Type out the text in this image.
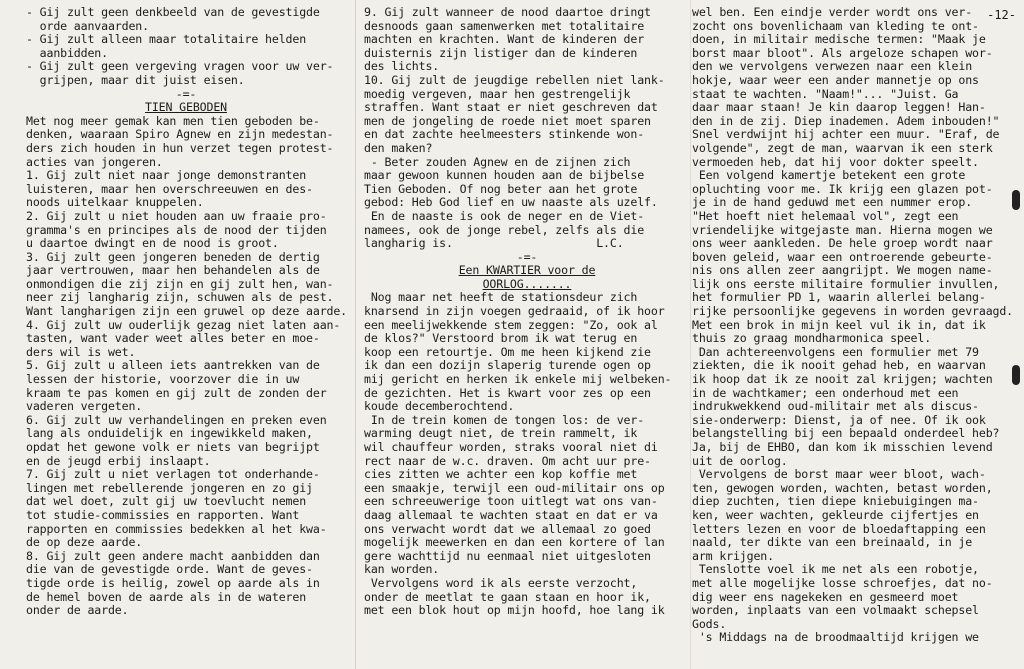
-12-

- Gij zult geen denkbeeld van de gevestigde

orde aanvaarden.

- Gij zult alleen maar totalitaire helden

aanbidden.

- Gij zult geen vergeving vragen voor uw ver-

grijpen, maar dit juist eisen.

-=-

TIEN GEBODEN

Met nog meer gemak kan men tien geboden be-

denken, waaraan Spiro Agnew en zijn medestan-

ders zich houden in hun verzet tegen protest-

acties van jongeren.

1. Gij zult niet naar jonge demonstranten

luisteren, maar hen overschreeuwen en des-

noods uitelkaar knuppelen.

2. Gij zult u niet houden aan uw fraaie pro-

gramma's en principes als de nood der tijden

u daartoe dwingt en de nood is groot.

3. Gij zult geen jongeren beneden de dertig

jaar vertrouwen, maar hen behandelen als de

onmondigen die zij zijn en gij zult hen, wan-

neer zij langharig zijn, schuwen als de pest.

Want langharigen zijn een gruwel op deze aarde.

4. Gij zult uw ouderlijk gezag niet laten aan-

tasten, want vader weet alles beter en moe-

ders wil is wet.

5. Gij zult u alleen iets aantrekken van de

lessen der historie, voorzover die in uw

kraam te pas komen en gij zult de zonden der

vaderen vergeten.

6. Gij zult uw verhandelingen en preken even

lang als onduidelijk en ingewikkeld maken,

opdat het gewone volk er niets van begrijpt

en de jeugd erbij inslaapt.

7. Gij zult u niet verlagen tot onderhande-

lingen met rebellerende jongeren en zo gij

dat wel doet, zult gij uw toevlucht nemen

tot studie-commissies en rapporten. Want

rapporten en commissies bedekken al het kwa-

de op deze aarde.

8. Gij zult geen andere macht aanbidden dan

die van de gevestigde orde. Want de geves-

tigde orde is heilig, zowel op aarde als in

de hemel boven de aarde als in de wateren

onder de aarde.

9. Gij zult wanneer de nood daartoe dringt

desnoods gaan samenwerken met totalitaire

machten en krachten. Want de kinderen der

duisternis zijn listiger dan de kinderen

des lichts.

10. Gij zult de jeugdige rebellen niet lank-

moedig vergeven, maar hen gestrengelijk

straffen. Want staat er niet geschreven dat

men de jongeling de roede niet moet sparen

en dat zachte heelmeesters stinkende won-

den maken?

- Beter zouden Agnew en de zijnen zich

maar gewoon kunnen houden aan de bijbelse

Tien Geboden. Of nog beter aan het grote

gebod: Heb God lief en uw naaste als uzelf.

En de naaste is ook de neger en de Viet-

namees, ook de jonge rebel, zelfs als die

langharig is.                     L.C.

-=-

Een KWARTIER voor de

OORLOG.......

Nog maar net heeft de stationsdeur zich

knarsend in zijn voegen gedraaid, of ik hoor

een meelijwekkende stem zeggen: "Zo, ook al

de klos?" Verstoord brom ik wat terug en

koop een retourtje. Om me heen kijkend zie

ik dan een dozijn slaperig turende ogen op

mij gericht en herken ik enkele mij welbeken-

de gezichten. Het is kwart voor zes op een

koude decemberochtend.

In de trein komen de tongen los: de ver-

warming deugt niet, de trein rammelt, ik

wil chauffeur worden, straks vooral niet di

rect naar de w.c. draven. Om acht uur pre-

cies zitten we achter een kop koffie met

een smaakje, terwijl een oud-militair ons op

een schreeuwerige toon uitlegt wat ons van-

daag allemaal te wachten staat en dat er va

ons verwacht wordt dat we allemaal zo goed

mogelijk meewerken en dan een kortere of lan

gere wachttijd nu eenmaal niet uitgesloten

kan worden.

Vervolgens word ik als eerste verzocht,

onder de meetlat te gaan staan en hoor ik,

met een blok hout op mijn hoofd, hoe lang ik

wel ben. Een eindje verder wordt ons ver-

zocht ons bovenlichaam van kleding te ont-

doen, in militair medische termen: "Maak je

borst maar bloot". Als argeloze schapen wor-

den we vervolgens verwezen naar een klein

hokje, waar weer een ander mannetje op ons

staat te wachten. "Naam!"... "Juist. Ga

daar maar staan! Je kin daarop leggen! Han-

den in de zij. Diep inademen. Adem inbouden!"

Snel verdwijnt hij achter een muur. "Eraf, de

volgende", zegt de man, waarvan ik een sterk

vermoeden heb, dat hij voor dokter speelt.

Een volgend kamertje betekent een grote

opluchting voor me. Ik krijg een glazen pot-

je in de hand geduwd met een nummer erop.

"Het hoeft niet helemaal vol", zegt een

vriendelijke witgejaste man. Hierna mogen we

ons weer aankleden. De hele groep wordt naar

boven geleid, waar een ontroerende gebeurte-

nis ons allen zeer aangrijpt. We mogen name-

lijk ons eerste militaire formulier invullen,

het formulier PD 1, waarin allerlei belang-

rijke persoonlijke gegevens in worden gevraagd.

Met een brok in mijn keel vul ik in, dat ik

thuis zo graag mondharmonica speel.

Dan achtereenvolgens een formulier met 79

ziekten, die ik nooit gehad heb, en waarvan

ik hoop dat ik ze nooit zal krijgen; wachten

in de wachtkamer; een onderhoud met een

indrukwekkend oud-militair met als discus-

sie-onderwerp: Dienst, ja of nee. Of ik ook

belangstelling bij een bepaald onderdeel heb?

Ja, bij de EHBO, dan kom ik misschien levend

uit de oorlog.

Vervolgens de borst maar weer bloot, wach-

ten, gewogen worden, wachten, betast worden,

diep zuchten, tien diepe kniebuigingen ma-

ken, weer wachten, gekleurde cijfertjes en

letters lezen en voor de bloedaftapping een

naald, ter dikte van een breinaald, in je

arm krijgen.

Tenslotte voel ik me net als een robotje,

met alle mogelijke losse schroefjes, dat no-

dig weer ens nagekeken en gesmeerd moet

worden, inplaats van een volmaakt schepsel

Gods.

's Middags na de broodmaaltijd krijgen we
